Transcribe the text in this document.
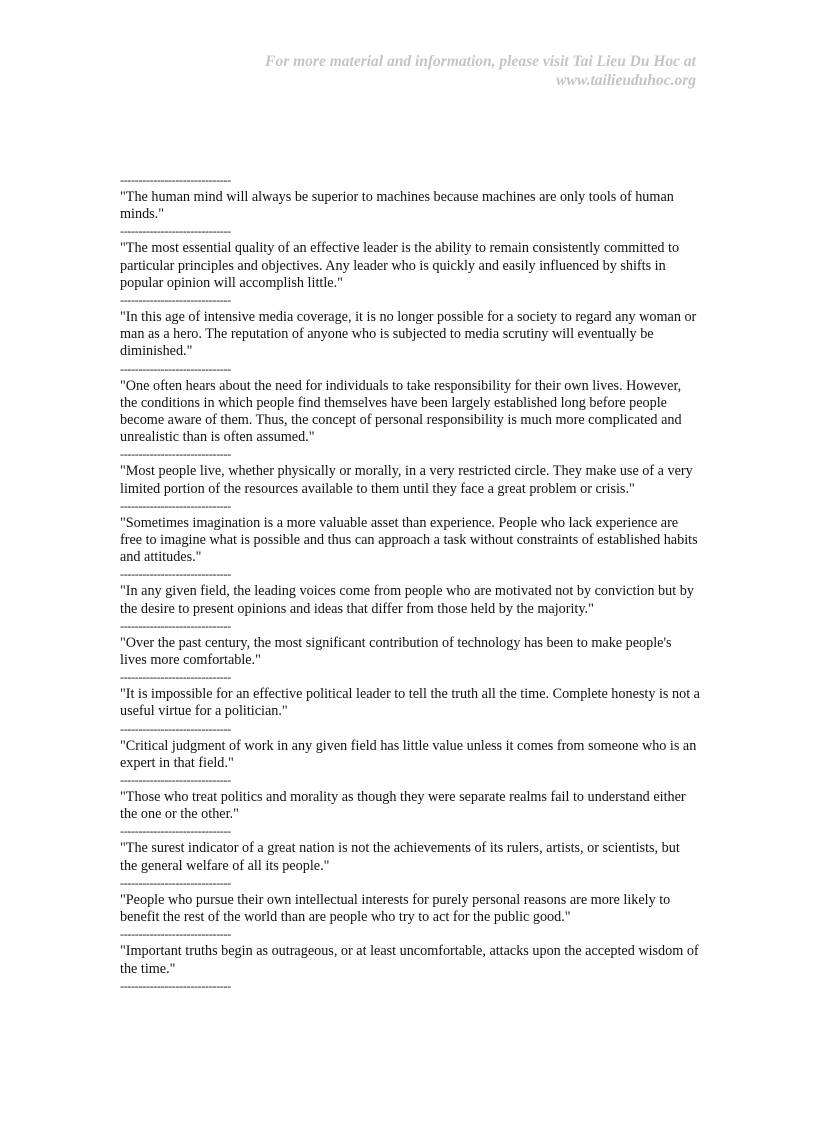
For more material and information, please visit Tai Lieu Du Hoc at
www.tailieuduhoc.org
------------------------------

"The human mind will always be superior to machines because machines are only tools of human minds."

------------------------------

"The most essential quality of an effective leader is the ability to remain consistently committed to particular principles and objectives. Any leader who is quickly and easily influenced by shifts in popular opinion will accomplish little."

------------------------------

"In this age of intensive media coverage, it is no longer possible for a society to regard any woman or man as a hero. The reputation of anyone who is subjected to media scrutiny will eventually be diminished."

------------------------------

"One often hears about the need for individuals to take responsibility for their own lives. However, the conditions in which people find themselves have been largely established long before people become aware of them. Thus, the concept of personal responsibility is much more complicated and unrealistic than is often assumed."

------------------------------

"Most people live, whether physically or morally, in a very restricted circle. They make use of a very limited portion of the resources available to them until they face a great problem or crisis."

------------------------------

"Sometimes imagination is a more valuable asset than experience. People who lack experience are free to imagine what is possible and thus can approach a task without constraints of established habits and attitudes."

------------------------------

"In any given field, the leading voices come from people who are motivated not by conviction but by the desire to present opinions and ideas that differ from those held by the majority."

------------------------------

"Over the past century, the most significant contribution of technology has been to make people's lives more comfortable."

------------------------------

"It is impossible for an effective political leader to tell the truth all the time. Complete honesty is not a useful virtue for a politician."

------------------------------

"Critical judgment of work in any given field has little value unless it comes from someone who is an expert in that field."

------------------------------

"Those who treat politics and morality as though they were separate realms fail to understand either the one or the other."

------------------------------

"The surest indicator of a great nation is not the achievements of its rulers, artists, or scientists, but the general welfare of all its people."

------------------------------

"People who pursue their own intellectual interests for purely personal reasons are more likely to benefit the rest of the world than are people who try to act for the public good."

------------------------------

"Important truths begin as outrageous, or at least uncomfortable, attacks upon the accepted wisdom of the time."

------------------------------
